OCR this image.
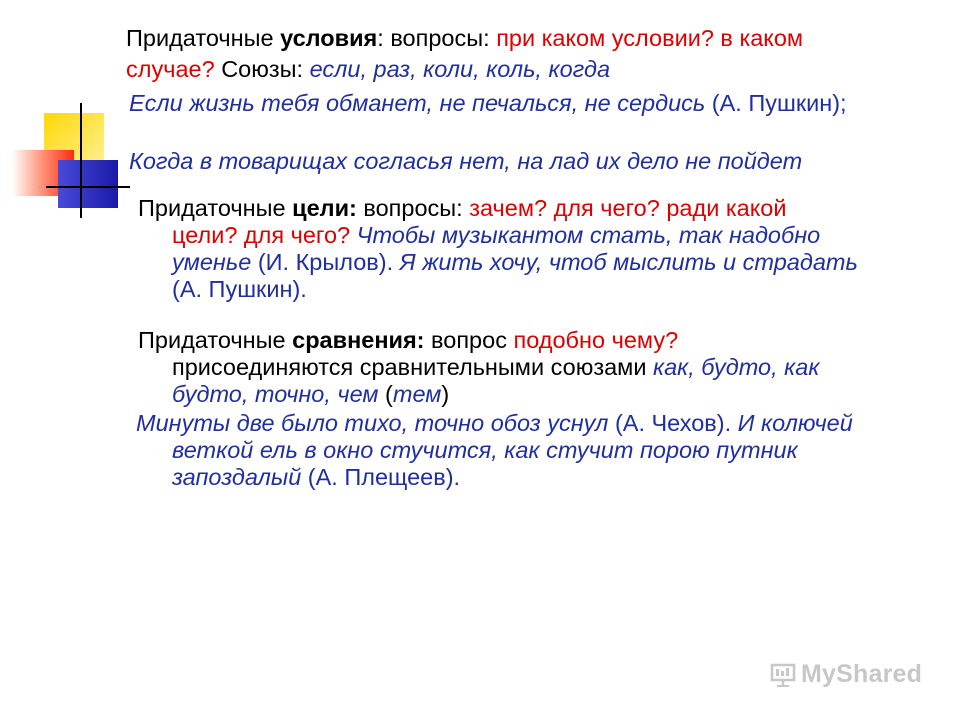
Придаточные условия: вопросы: при каком условии? в каком
случае? Союзы: если, раз, коли, коль, когда
Если жизнь тебя обманет, не печалься, не сердись (А. Пушкин);
Когда в товарищах согласья нет, на лад их дело не пойдет
Придаточные цели: вопросы: зачем? для чего? ради какой
цели? для чего? Чтобы музыкантом стать, так надобно
уменье (И. Крылов). Я жить хочу, чтоб мыслить и страдать
(А. Пушкин).
Придаточные сравнения: вопрос подобно чему?
присоединяются сравнительными союзами как, будто, как
будто, точно, чем (тем)
Минуты две было тихо, точно обоз уснул (А. Чехов). И колючей
веткой ель в окно стучится, как стучит порою путник
запоздалый (А. Плещеев).
MyShared
